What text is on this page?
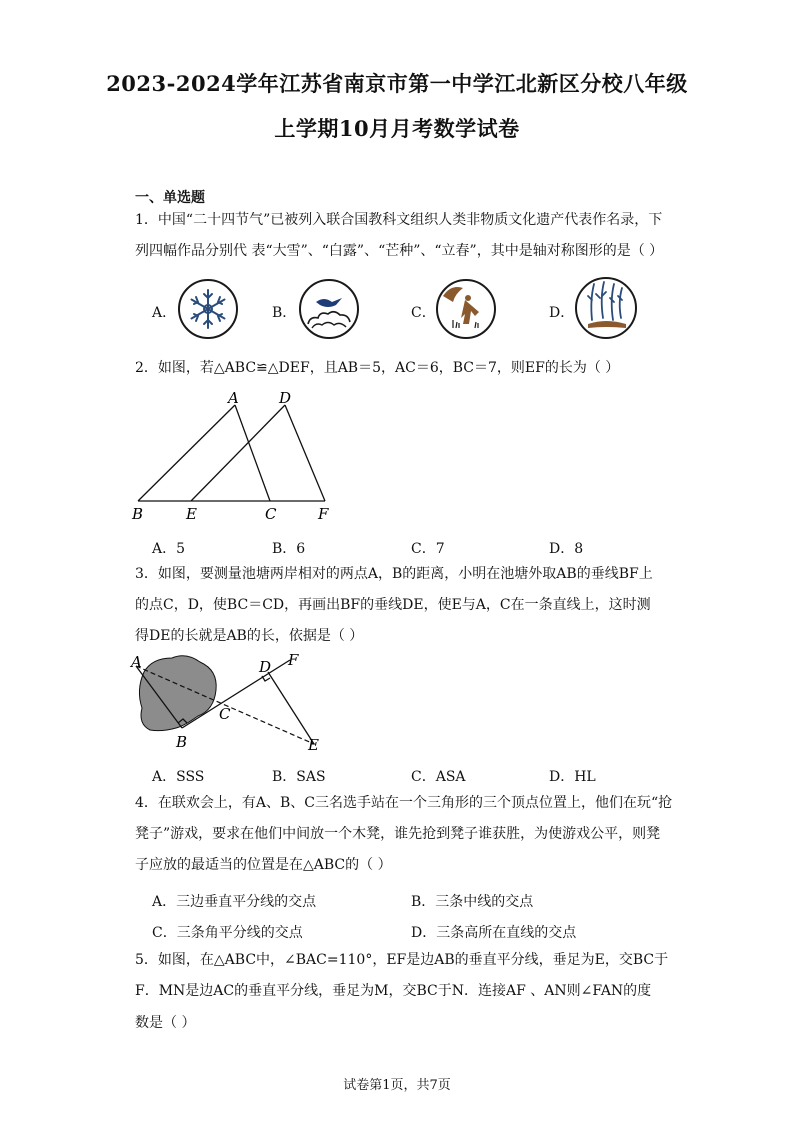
2023-2024学年江苏省南京市第一中学江北新区分校八年级
上学期10月月考数学试卷
一、单选题
1．中国“二十四节气”已被列入联合国教科文组织人类非物质文化遗产代表作名录，下
列四幅作品分别代 表“大雪”、“白露”、“芒种”、“立春”，其中是轴对称图形的是（ ）
A．	B．	C．	D．
2．如图，若△ABC≌△DEF，且AB＝5，AC＝6，BC＝7，则EF的长为（ ）
A	D
B	E	C	F
A．5	B．6	C．7	D．8
3．如图，要测量池塘两岸相对的两点A，B的距离，小明在池塘外取AB的垂线BF上
的点C，D，使BC＝CD，再画出BF的垂线DE，使E与A，C在一条直线上，这时测
得DE的长就是AB的长，依据是（ ）
A	D F
C
B	E
A．SSS	B．SAS	C．ASA	D．HL
4．在联欢会上，有A、B、C三名选手站在一个三角形的三个顶点位置上，他们在玩“抢
凳子”游戏，要求在他们中间放一个木凳，谁先抢到凳子谁获胜，为使游戏公平，则凳
子应放的最适当的位置是在△ABC的（ ）
A．三边垂直平分线的交点	B．三条中线的交点
C．三条角平分线的交点	D．三条高所在直线的交点
5．如图，在△ABC中，∠BAC=110°，EF是边AB的垂直平分线，垂足为E，交BC于
F．MN是边AC的垂直平分线，垂足为M，交BC于N．连接AF 、AN则∠FAN的度
数是（ ）
试卷第1页，共7页
